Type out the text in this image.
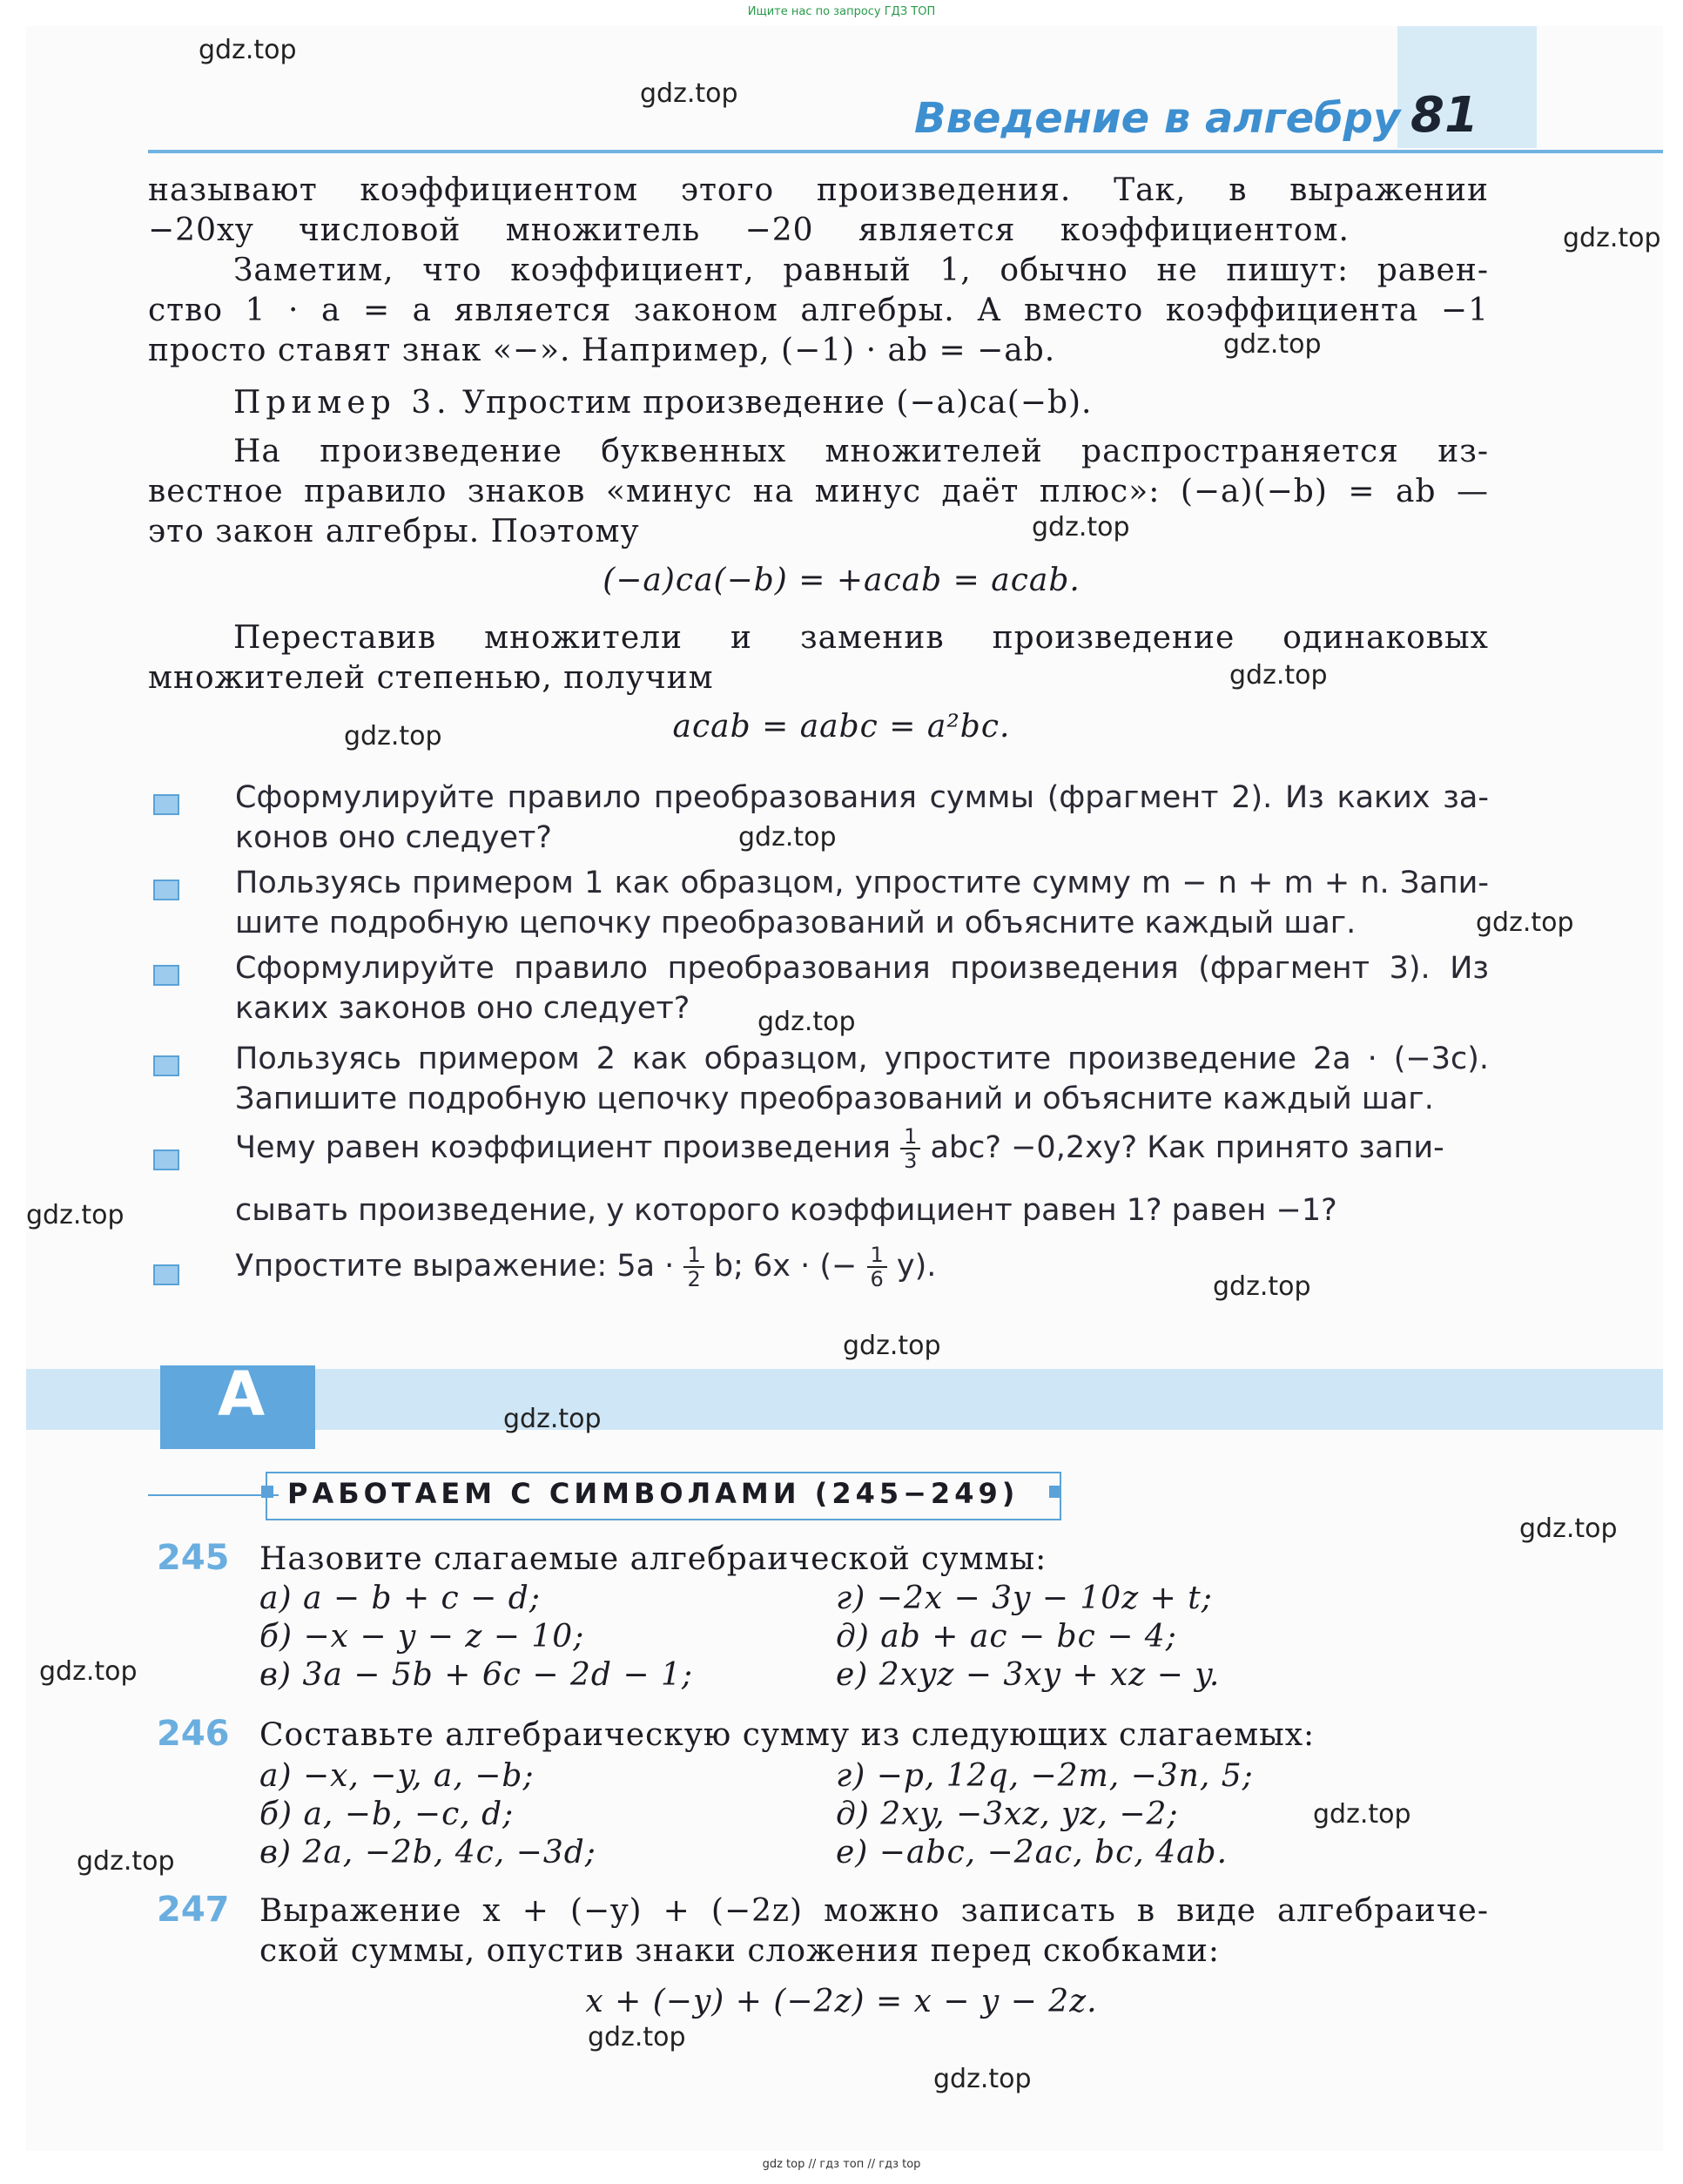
Ищите нас по запросу ГДЗ ТОП
gdz top // гдз топ // гдз top
Введение в алгебру 81
называют коэффициентом этого произведения. Так, в выражении
−20xy числовой множитель −20 является коэффициентом.
Заметим, что коэффициент, равный 1, обычно не пишут: равен-
ство 1 · a = a является законом алгебры. А вместо коэффициента −1
просто ставят знак «−». Например, (−1) · ab = −ab.
Пример 3. Упростим произведение (−a)ca(−b).
На произведение буквенных множителей распространяется из-
вестное правило знаков «минус на минус даёт плюс»: (−a)(−b) = ab —
это закон алгебры. Поэтому
(−a)ca(−b) = +acab = acab.
Переставив множители и заменив произведение одинаковых
множителей степенью, получим
acab = aabc = a²bc.
Сформулируйте правило преобразования суммы (фрагмент 2). Из каких за-
конов оно следует?
Пользуясь примером 1 как образцом, упростите сумму m − n + m + n. Запи-
шите подробную цепочку преобразований и объясните каждый шаг.
Сформулируйте правило преобразования произведения (фрагмент 3). Из
каких законов оно следует?
Пользуясь примером 2 как образцом, упростите произведение 2a · (−3c).
Запишите подробную цепочку преобразований и объясните каждый шаг.
Чему равен коэффициент произведения $\frac{1}{3}$ abc? −0,2xy? Как принято запи-
сывать произведение, у которого коэффициент равен 1? равен −1?
Упростите выражение: $5a \cdot \frac{1}{2} b$; 6x · (− $\frac{1}{6} y$).
А
РАБОТАЕМ С СИМВОЛАМИ (245−249)
245 Назовите слагаемые алгебраической суммы:
а) a − b + c − d;
б) −x − y − z − 10;
в) 3a − 5b + 6c − 2d − 1;
г) −2x − 3y − 10z + t;
д) ab + ac − bc − 4;
е) 2xyz − 3xy + xz − y.
246 Составьте алгебраическую сумму из следующих слагаемых:
а) −x, −y, a, −b;
б) a, −b, −c, d;
в) 2a, −2b, 4c, −3d;
г) −p, 12q, −2m, −3n, 5;
д) 2xy, −3xz, yz, −2;
е) −abc, −2ac, bc, 4ab.
247 Выражение x + (−y) + (−2z) можно записать в виде алгебраиче-
ской суммы, опустив знаки сложения перед скобками:
x + (−y) + (−2z) = x − y − 2z.
gdz.top
gdz.top
gdz.top
gdz.top
gdz.top
gdz.top
gdz.top
gdz.top
gdz.top
gdz.top
gdz.top
gdz.top
gdz.top
gdz.top
gdz.top
gdz.top
gdz.top
gdz.top
gdz.top
gdz.top
